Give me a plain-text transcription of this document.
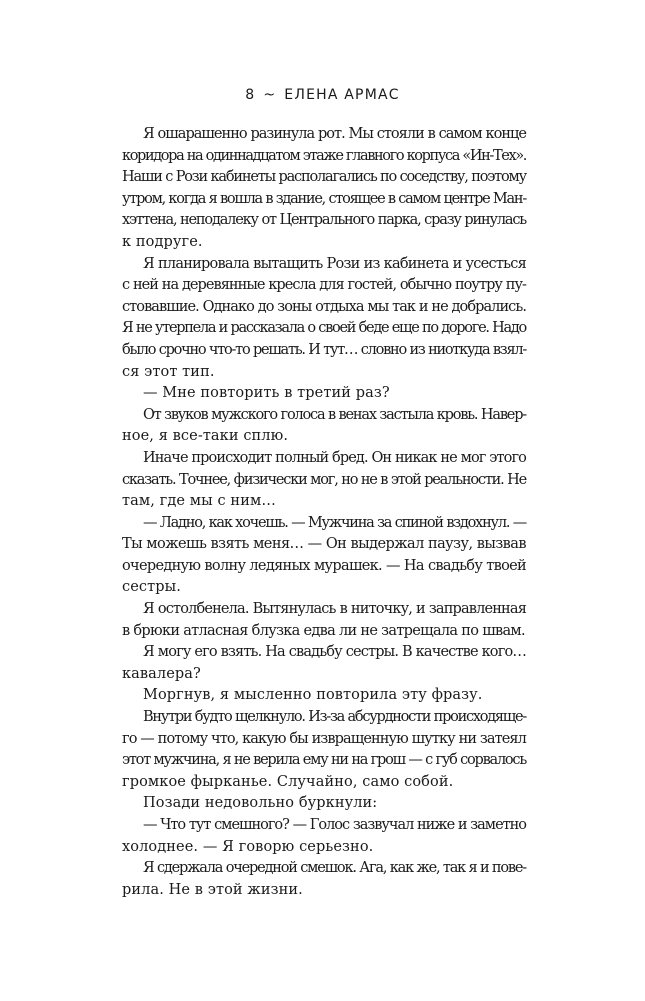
8 ~ ЕЛЕНА АРМАС
Я ошарашенно разинула рот. Мы стояли в самом конце
коридора на одиннадцатом этаже главного корпуса «Ин-Тех».
Наши с Рози кабинеты располагались по соседству, поэтому
утром, когда я вошла в здание, стоящее в самом центре Ман-
хэттена, неподалеку от Центрального парка, сразу ринулась
к подруге.
Я планировала вытащить Рози из кабинета и усесться
с ней на деревянные кресла для гостей, обычно поутру пу-
стовавшие. Однако до зоны отдыха мы так и не добрались.
Я не утерпела и рассказала о своей беде еще по дороге. Надо
было срочно что-то решать. И тут… словно из ниоткуда взял-
ся этот тип.
— Мне повторить в третий раз?
От звуков мужского голоса в венах застыла кровь. Навер-
ное, я все-таки сплю.
Иначе происходит полный бред. Он никак не мог этого
сказать. Точнее, физически мог, но не в этой реальности. Не
там, где мы с ним…
— Ладно, как хочешь. — Мужчина за спиной вздохнул. —
Ты можешь взять меня… — Он выдержал паузу, вызвав
очередную волну ледяных мурашек. — На свадьбу твоей
сестры.
Я остолбенела. Вытянулась в ниточку, и заправленная
в брюки атласная блузка едва ли не затрещала по швам.
Я могу его взять. На свадьбу сестры. В качестве кого…
кавалера?
Моргнув, я мысленно повторила эту фразу.
Внутри будто щелкнуло. Из-за абсурдности происходяще-
го — потому что, какую бы извращенную шутку ни затеял
этот мужчина, я не верила ему ни на грош — с губ сорвалось
громкое фырканье. Случайно, само собой.
Позади недовольно буркнули:
— Что тут смешного? — Голос зазвучал ниже и заметно
холоднее. — Я говорю серьезно.
Я сдержала очередной смешок. Ага, как же, так я и пове-
рила. Не в этой жизни.
